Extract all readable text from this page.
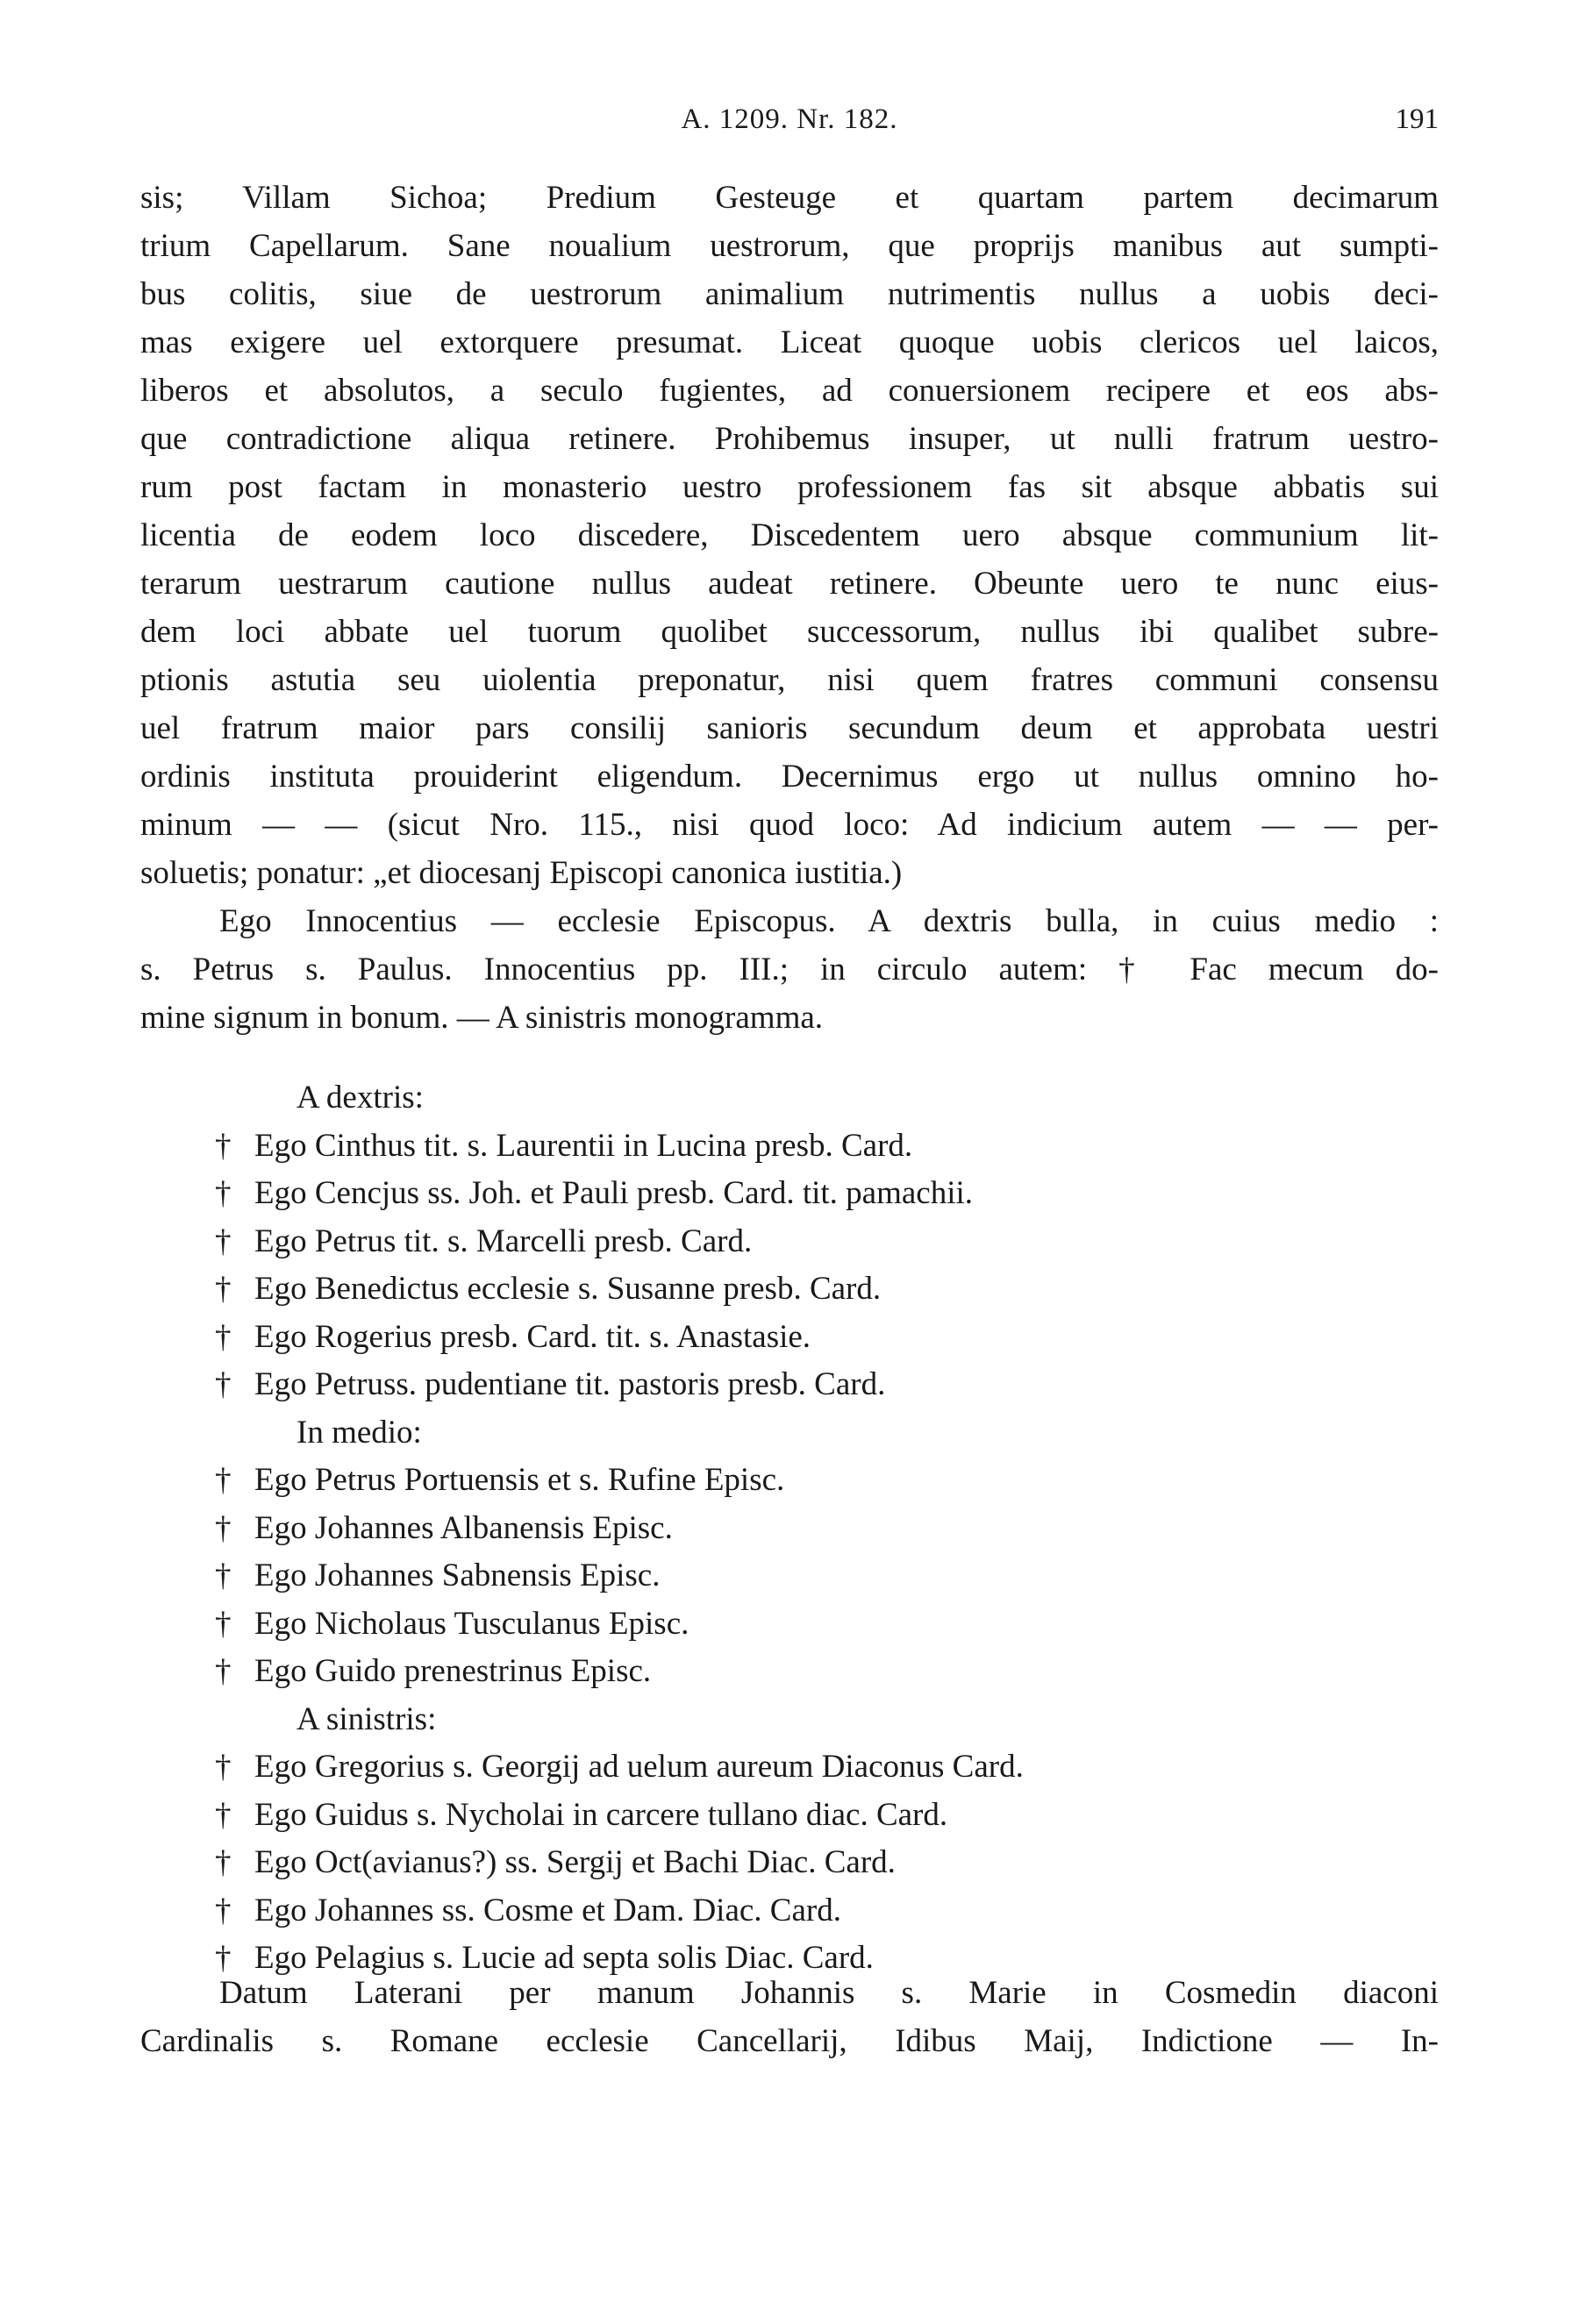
A. 1209. Nr. 182.	191
sis; Villam Sichoa; Predium Gesteuge et quartam partem decimarum
trium Capellarum. Sane noualium uestrorum, que proprijs manibus aut sumpti-
bus colitis, siue de uestrorum animalium nutrimentis nullus a uobis deci-
mas exigere uel extorquere presumat. Liceat quoque uobis clericos uel laicos,
liberos et absolutos, a seculo fugientes, ad conuersionem recipere et eos abs-
que contradictione aliqua retinere. Prohibemus insuper, ut nulli fratrum uestro-
rum post factam in monasterio uestro professionem fas sit absque abbatis sui
licentia de eodem loco discedere, Discedentem uero absque communium lit-
terarum uestrarum cautione nullus audeat retinere. Obeunte uero te nunc eius-
dem loci abbate uel tuorum quolibet successorum, nullus ibi qualibet subre-
ptionis astutia seu uiolentia preponatur, nisi quem fratres communi consensu
uel fratrum maior pars consilij sanioris secundum deum et approbata uestri
ordinis instituta prouiderint eligendum. Decernimus ergo ut nullus omnino ho-
minum — — (sicut Nro. 115., nisi quod loco: Ad indicium autem — — per-
soluetis; ponatur: „et diocesanj Episcopi canonica iustitia.)
Ego Innocentius — ecclesie Episcopus. A dextris bulla, in cuius medio :
s. Petrus s. Paulus. Innocentius pp. III.; in circulo autem: † Fac mecum do-
mine signum in bonum. — A sinistris monogramma.
A dextris:
† Ego Cinthus tit. s. Laurentii in Lucina presb. Card.
† Ego Cencjus ss. Joh. et Pauli presb. Card. tit. pamachii.
† Ego Petrus tit. s. Marcelli presb. Card.
† Ego Benedictus ecclesie s. Susanne presb. Card.
† Ego Rogerius presb. Card. tit. s. Anastasie.
† Ego Petruss. pudentiane tit. pastoris presb. Card.
In medio:
† Ego Petrus Portuensis et s. Rufine Episc.
† Ego Johannes Albanensis Episc.
† Ego Johannes Sabnensis Episc.
† Ego Nicholaus Tusculanus Episc.
† Ego Guido prenestrinus Episc.
A sinistris:
† Ego Gregorius s. Georgij ad uelum aureum Diaconus Card.
† Ego Guidus s. Nycholai in carcere tullano diac. Card.
† Ego Oct(avianus?) ss. Sergij et Bachi Diac. Card.
† Ego Johannes ss. Cosme et Dam. Diac. Card.
† Ego Pelagius s. Lucie ad septa solis Diac. Card.
Datum Laterani per manum Johannis s. Marie in Cosmedin diaconi
Cardinalis s. Romane ecclesie Cancellarij, Idibus Maij, Indictione — In-
